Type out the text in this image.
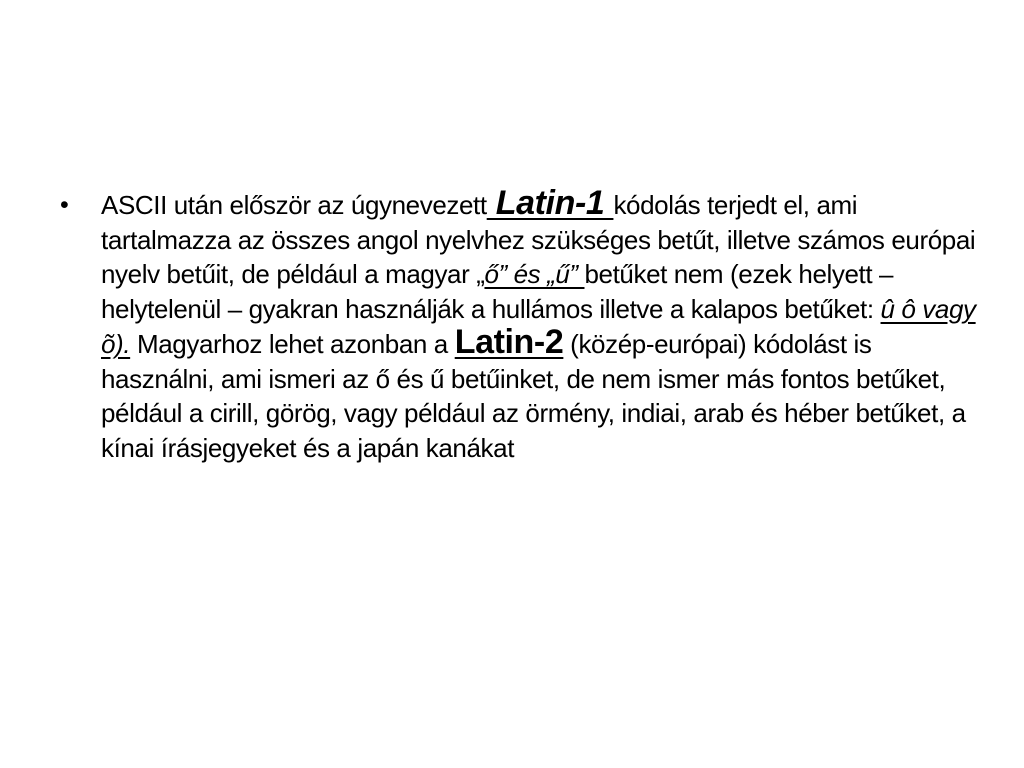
• ASCII után először az úgynevezett Latin-1 kódolás terjedt el, ami tartalmazza az összes angol nyelvhez szükséges betűt, illetve számos európai nyelv betűit, de például a magyar „ő” és „ű” betűket nem (ezek helyett – helytelenül – gyakran használják a hullámos illetve a kalapos betűket: û ô vagy õ). Magyarhoz lehet azonban a Latin-2 (közép-európai) kódolást is használni, ami ismeri az ő és ű betűinket, de nem ismer más fontos betűket, például a cirill, görög, vagy például az örmény, indiai, arab és héber betűket, a kínai írásjegyeket és a japán kanákat
